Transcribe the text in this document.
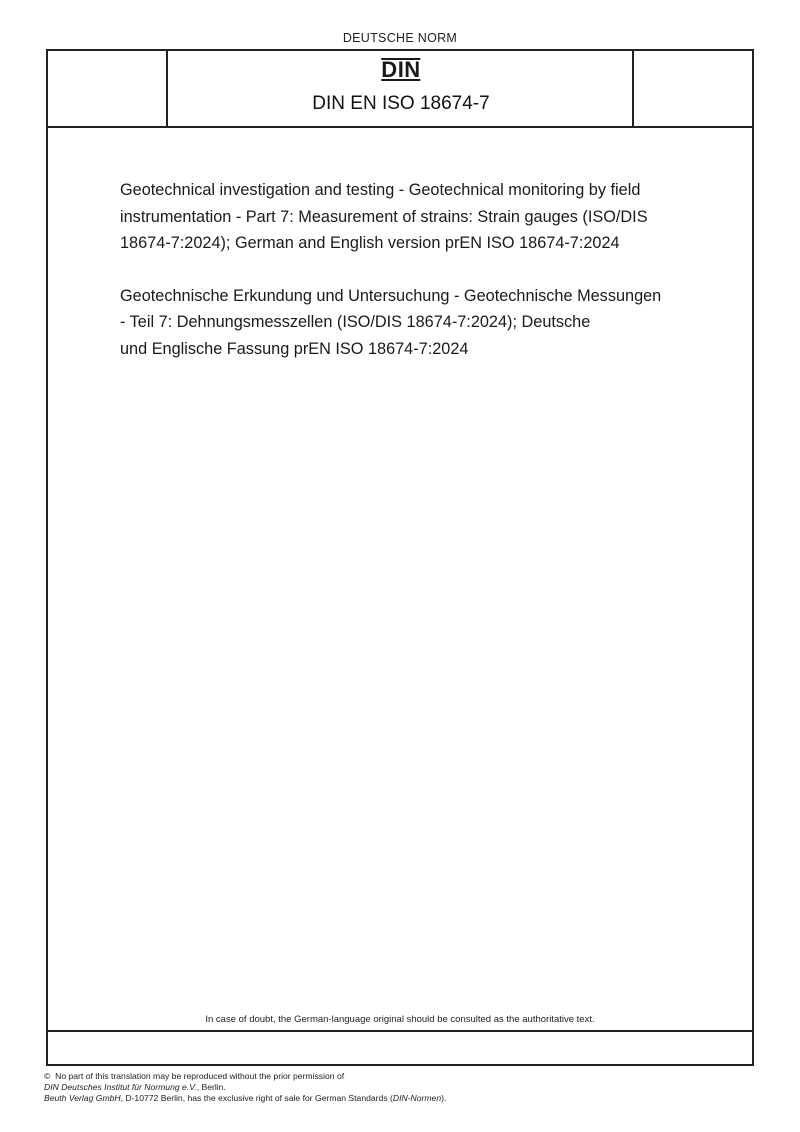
DEUTSCHE NORM
DIN
DIN EN ISO 18674-7

Geotechnical investigation and testing - Geotechnical monitoring by field
instrumentation - Part 7: Measurement of strains: Strain gauges (ISO/DIS
18674-7:2024); German and English version prEN ISO 18674-7:2024

Geotechnische Erkundung und Untersuchung - Geotechnische Messungen
- Teil 7: Dehnungsmesszellen (ISO/DIS 18674-7:2024); Deutsche
und Englische Fassung prEN ISO 18674-7:2024

In case of doubt, the German-language original should be consulted as the authoritative text.
© No part of this translation may be reproduced without the prior permission of
DIN Deutsches Institut für Normung e.V., Berlin.
Beuth Verlag GmbH, D-10772 Berlin, has the exclusive right of sale for German Standards (DIN-Normen).
